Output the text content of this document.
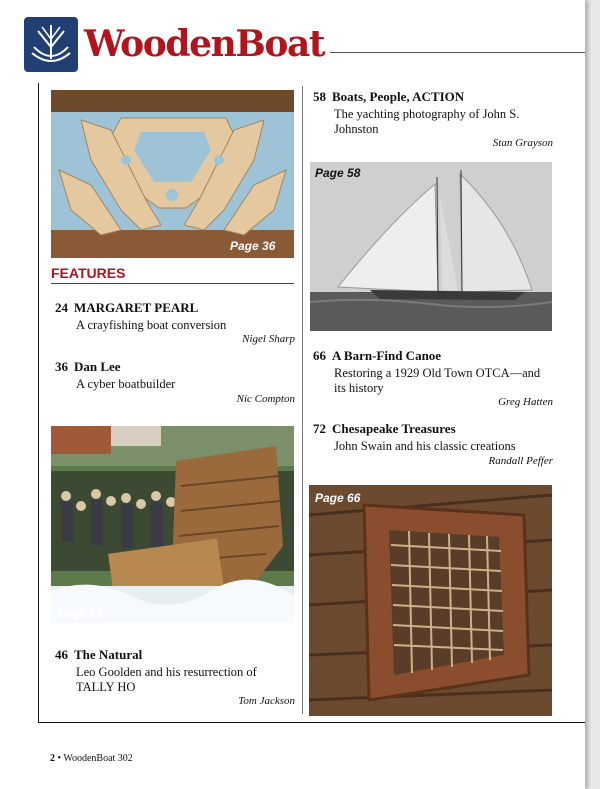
WoodenBoat
Page 36
FEATURES
24 MARGARET PEARL
A crayfishing boat conversion
Nigel Sharp
36 Dan Lee
A cyber boatbuilder
Nic Compton
Page 72
46 The Natural
Leo Goolden and his resurrection of TALLY HO
Tom Jackson
58 Boats, People, ACTION
The yachting photography of John S. Johnston
Stan Grayson
Page 58
66 A Barn-Find Canoe
Restoring a 1929 Old Town OTCA—and its history
Greg Hatten
72 Chesapeake Treasures
John Swain and his classic creations
Randall Peffer
Page 66
2 • WoodenBoat 302
